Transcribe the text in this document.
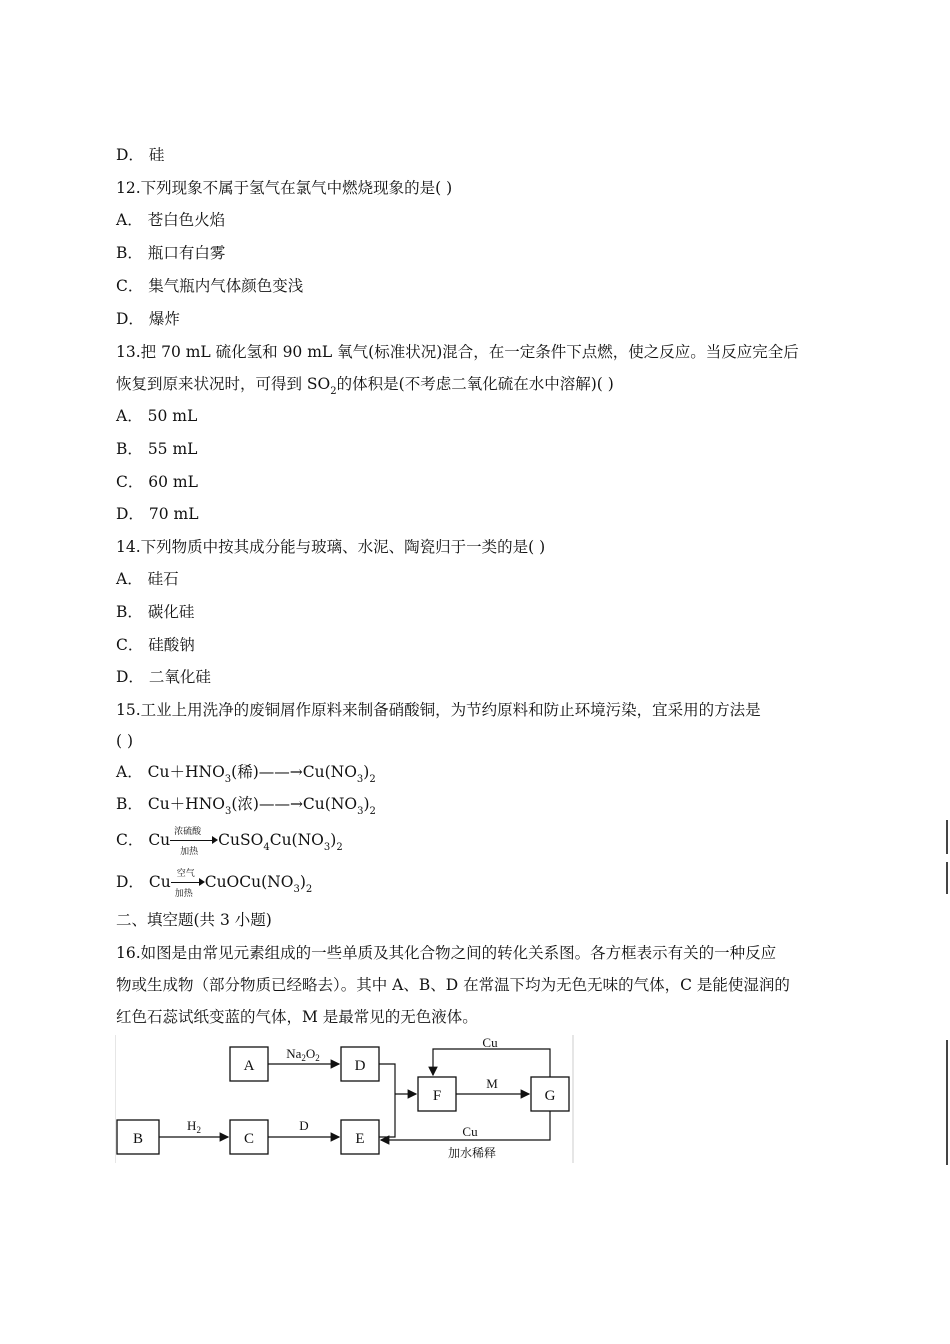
D． 硅
12.下列现象不属于氢气在氯气中燃烧现象的是( )
A． 苍白色火焰
B． 瓶口有白雾
C． 集气瓶内气体颜色变浅
D． 爆炸
13.把 70 mL 硫化氢和 90 mL 氧气(标准状况)混合，在一定条件下点燃，使之反应。当反应完全后
恢复到原来状况时，可得到 $SO_2$的体积是(不考虑二氧化硫在水中溶解)( )
A． 50 mL
B． 55 mL
C． 60 mL
D． 70 mL
14.下列物质中按其成分能与玻璃、水泥、陶瓷归于一类的是( )
A． 硅石
B． 碳化硅
C． 硅酸钠
D． 二氧化硅
15.工业上用洗净的废铜屑作原料来制备硝酸铜，为节约原料和防止环境污染，宜采用的方法是
( )
A． $Cu+HNO_3$(稀)$——\to Cu(NO_3)_2$
B． $Cu+HNO_3$(浓)$——\to Cu(NO_3)_2$
C． Cu 浓硫酸
加热
$CuSO_4Cu(NO_3)_2$
D． Cu 空气
加热
$CuOCu(NO_3)_2$
二、填空题(共 3 小题)
16.如图是由常见元素组成的一些单质及其化合物之间的转化关系图。各方框表示有关的一种反应
物或生成物（部分物质已经略去）。其中 A、B、D 在常温下均为无色无味的气体，C 是能使湿润的
红色石蕊试纸变蓝的气体，M 是最常见的无色液体。
A	D
F	G
B	C	E
$Na_2O_2$
$H_2$	D
M
Cu
Cu
加水稀释
